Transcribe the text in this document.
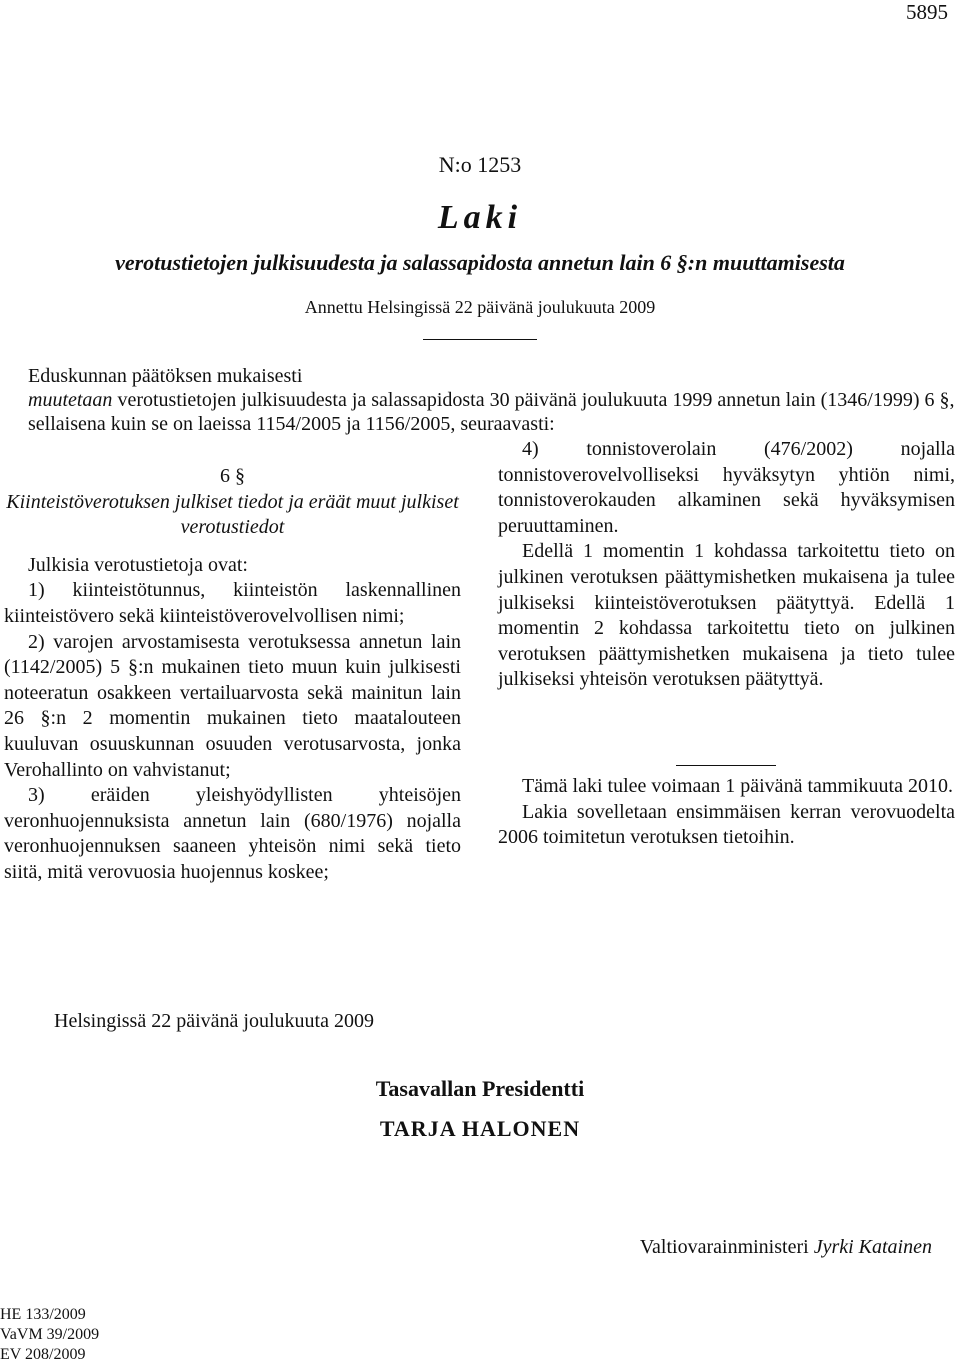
5895
N:o 1253
Laki
verotustietojen julkisuudesta ja salassapidosta annetun lain 6 §:n muuttamisesta
Annettu Helsingissä 22 päivänä joulukuuta 2009

Eduskunnan päätöksen mukaisesti

muutetaan verotustietojen julkisuudesta ja salassapidosta 30 päivänä joulukuuta 1999 annetun lain (1346/1999) 6 §, sellaisena kuin se on laeissa 1154/2005 ja 1156/2005, seuraavasti:

6 §

Kiinteistöverotuksen julkiset tiedot ja eräät muut julkiset verotustiedot

Julkisia verotustietoja ovat:

1) kiinteistötunnus, kiinteistön laskennallinen kiinteistövero sekä kiinteistöverovelvollisen nimi;

2) varojen arvostamisesta verotuksessa annetun lain (1142/2005) 5 §:n mukainen tieto muun kuin julkisesti noteeratun osakkeen vertailuarvosta sekä mainitun lain 26 §:n 2 momentin mukainen tieto maatalouteen kuuluvan osuuskunnan osuuden verotusarvosta, jonka Verohallinto on vahvistanut;

3) eräiden yleishyödyllisten yhteisöjen veronhuojennuksista annetun lain (680/1976) nojalla veronhuojennuksen saaneen yhteisön nimi sekä tieto siitä, mitä verovuosia huojennus koskee;

4) tonnistoverolain (476/2002) nojalla tonnistoverovelvolliseksi hyväksytyn yhtiön nimi, tonnistoverokauden alkaminen sekä hyväksymisen peruuttaminen.

Edellä 1 momentin 1 kohdassa tarkoitettu tieto on julkinen verotuksen päättymishetken mukaisena ja tulee julkiseksi kiinteistöverotuksen päätyttyä. Edellä 1 momentin 2 kohdassa tarkoitettu tieto on julkinen verotuksen päättymishetken mukaisena ja tieto tulee julkiseksi yhteisön verotuksen päätyttyä.

Tämä laki tulee voimaan 1 päivänä tammikuuta 2010.

Lakia sovelletaan ensimmäisen kerran verovuodelta 2006 toimitetun verotuksen tietoihin.

Helsingissä 22 päivänä joulukuuta 2009
Tasavallan Presidentti
TARJA HALONEN
Valtiovarainministeri Jyrki Katainen
HE 133/2009
VaVM 39/2009
EV 208/2009
